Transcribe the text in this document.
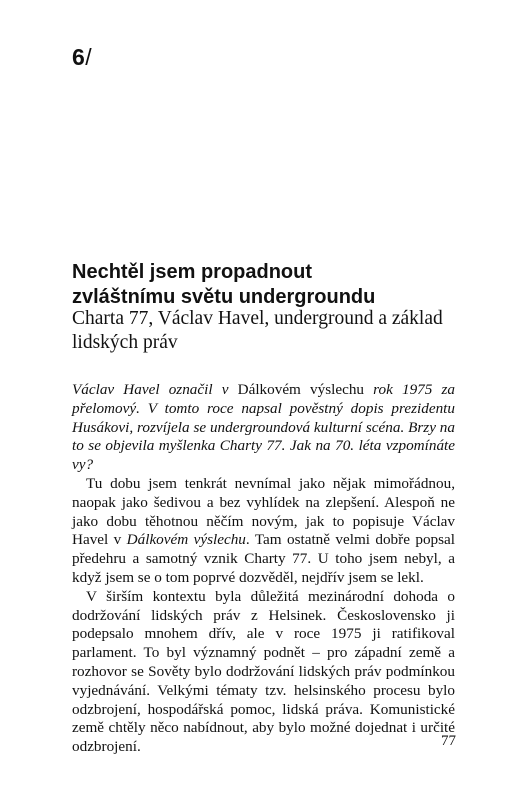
6/
Nechtěl jsem propadnout
zvláštnímu světu undergroundu

Charta 77, Václav Havel, underground a základ lidských práv

Václav Havel označil v Dálkovém výslechu rok 1975 za přelomový. V tomto roce napsal pověstný dopis prezidentu Husákovi, rozvíjela se undergroundová kulturní scéna. Brzy na to se objevila myšlenka Charty 77. Jak na 70. léta vzpomínáte vy?

Tu dobu jsem tenkrát nevnímal jako nějak mimořádnou, naopak jako šedivou a bez vyhlídek na zlepšení. Alespoň ne jako dobu těhotnou něčím novým, jak to popisuje Václav Havel v Dálkovém výslechu. Tam ostatně velmi dobře popsal předehru a samotný vznik Charty 77. U toho jsem nebyl, a když jsem se o tom poprvé dozvěděl, nejdřív jsem se lekl.

V širším kontextu byla důležitá mezinárodní dohoda o dodržování lidských práv z Helsinek. Československo ji podepsalo mnohem dřív, ale v roce 1975 ji ratifikoval parlament. To byl významný podnět – pro západní země a rozhovor se Sověty bylo dodržování lidských práv podmínkou vyjednávání. Velkými tématy tzv. helsinského procesu bylo odzbrojení, hospodářská pomoc, lidská práva. Komunistické země chtěly něco nabídnout, aby bylo možné dojednat i určité odzbrojení.	77
